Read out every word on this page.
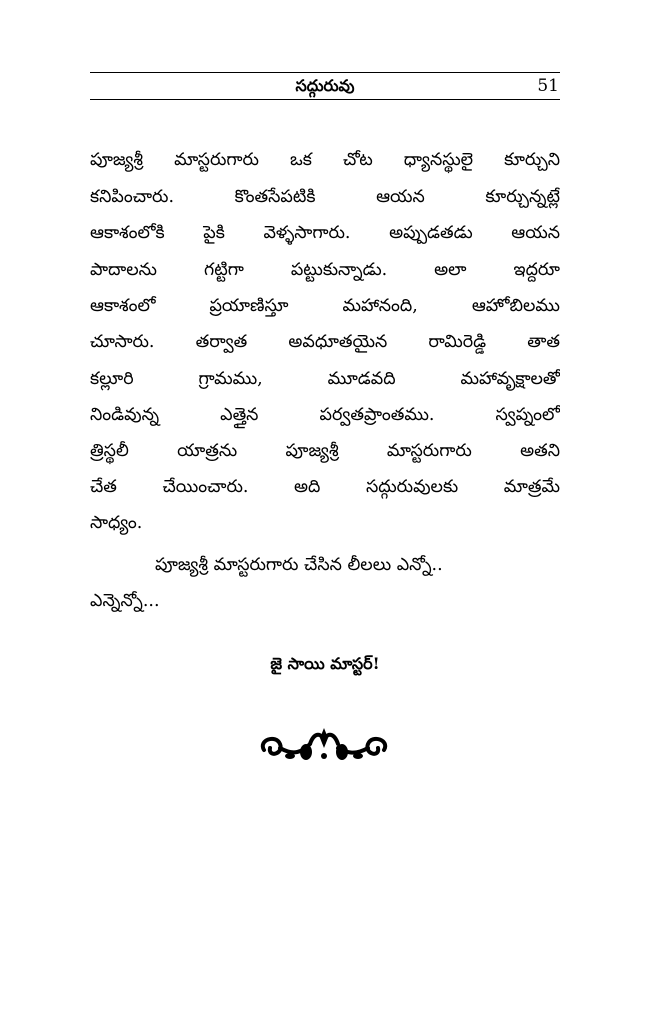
సద్గురువు	51
పూజ్యశ్రీ మాస్టరుగారు ఒక చోట ధ్యానస్థులై కూర్చుని
కనిపించారు. కొంతసేపటికి ఆయన కూర్చున్నట్లే
ఆకాశంలోకి పైకి వెళ్ళసాగారు. అప్పుడతడు ఆయన
పాదాలను గట్టిగా పట్టుకున్నాడు. అలా ఇద్దరూ
ఆకాశంలో ప్రయాణిస్తూ మహానంది, ఆహోబిలము
చూసారు. తర్వాత అవధూతయైన రామిరెడ్డి తాత
కల్లూరి గ్రామము, మూడవది మహావృక్షాలతో
నిండివున్న ఎత్తైన పర్వతప్రాంతము. స్వప్నంలో
త్రిస్థలీ యాత్రను పూజ్యశ్రీ మాస్టరుగారు అతని
చేత చేయించారు. అది సద్గురువులకు మాత్రమే
సాధ్యం.
పూజ్యశ్రీ మాస్టరుగారు చేసిన లీలలు ఎన్నో..
ఎన్నెన్నో...
జై సాయి మాస్టర్!
